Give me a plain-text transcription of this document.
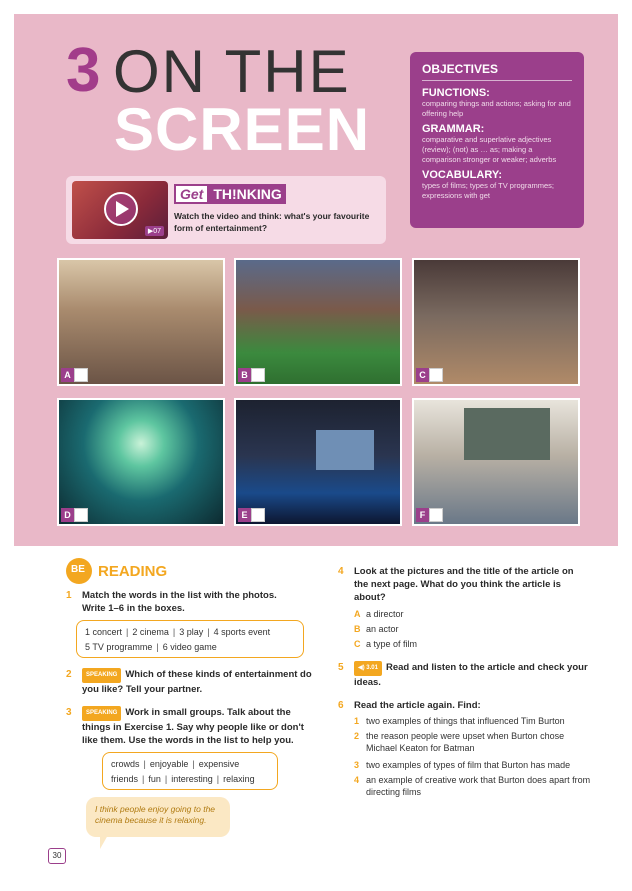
3 ON THE
SCREEN
OBJECTIVES
FUNCTIONS:
comparing things and actions; asking for and offering help
GRAMMAR:
comparative and superlative adjectives (review); (not) as … as; making a comparison stronger or weaker; adverbs
VOCABULARY:
types of films; types of TV programmes; expressions with get
▶07
Get TH!NKING
Watch the video and think: what's your favourite form of entertainment?
A	B	C
D	E	F
BE READING
1 Match the words in the list with the photos. Write 1–6 in the boxes.
1 concert | 2 cinema | 3 play | 4 sports event
5 TV programme | 6 video game
2	SPEAKING Which of these kinds of entertainment do you like? Tell your partner.
3	SPEAKING Work in small groups. Talk about the things in Exercise 1. Say why people like or don't like them. Use the words in the list to help you.
crowds | enjoyable | expensive
friends | fun | interesting | relaxing
I think people enjoy going to the cinema because it is relaxing.
4 Look at the pictures and the title of the article on the next page. What do you think the article is about?
A a director
B an actor
C a type of film
5	◀) 3.01 Read and listen to the article and check your ideas.
6 Read the article again. Find:
1 two examples of things that influenced Tim Burton
2 the reason people were upset when Burton chose Michael Keaton for Batman
3 two examples of types of film that Burton has made
4 an example of creative work that Burton does apart from directing films
30
